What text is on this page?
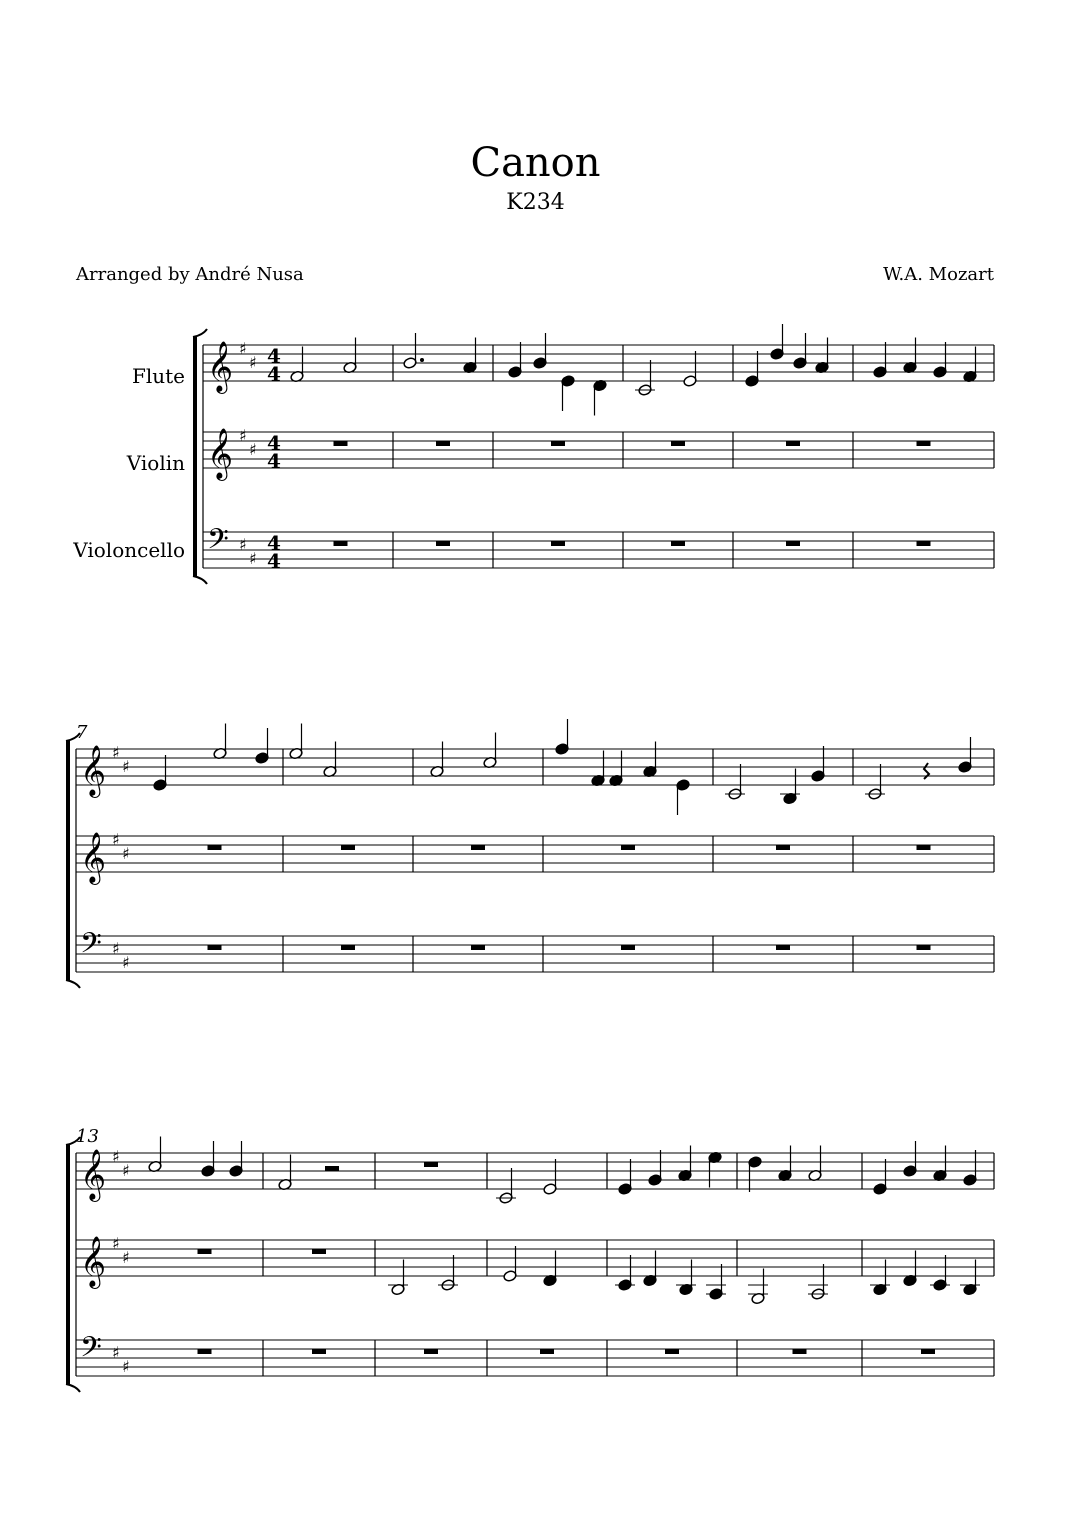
Canon
K234
Arranged by André Nusa	W.A. Mozart
Flute
Violin
Violoncello
𝄞 ♯
♯ 4
4
𝄞 ♯
♯ 4
4
𝄢 ♯
♯
4
4
𝄞 ♯
♯
𝄞 ♯
♯
𝄢 ♯
♯
𝄞 ♯
♯
𝄞 ♯
♯
𝄢 ♯
♯
7
13
